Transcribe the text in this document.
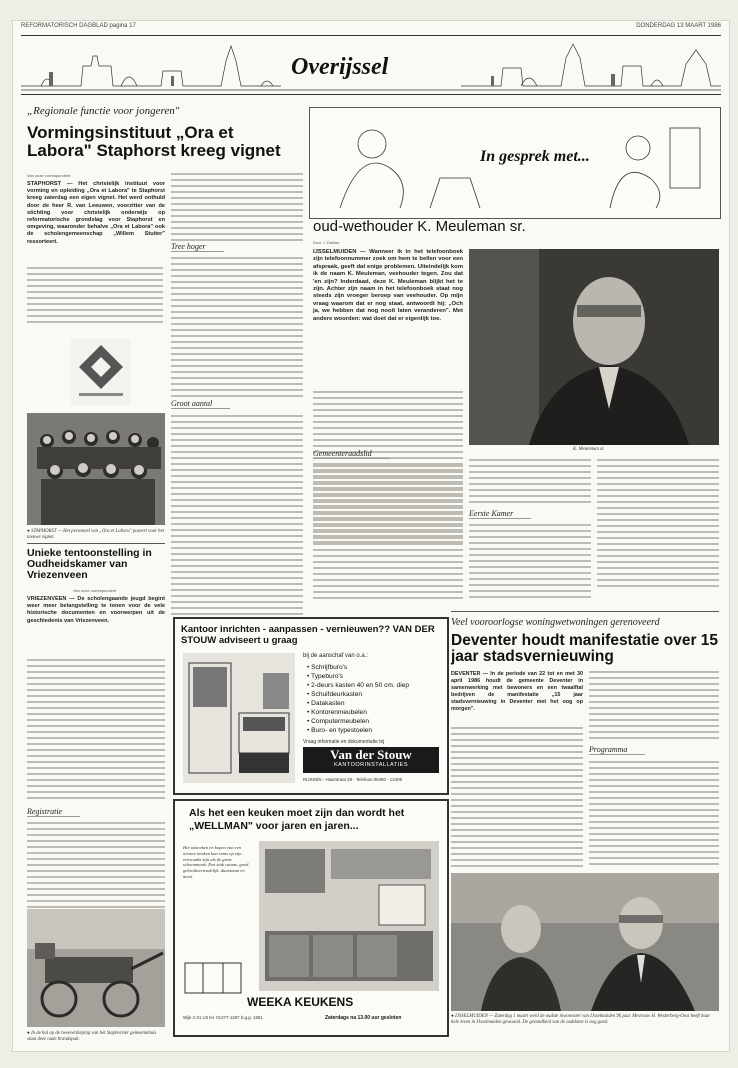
REFORMATORISCH DAGBLAD pagina 17	DONDERDAG 13 MAART 1986
Overijssel
„Regionale functie voor jongeren"
Vormingsinstituut „Ora et Labora" Staphorst kreeg vignet
Van onze correspondent
STAPHORST — Het christelijk instituut voor vorming en opleiding „Ora et Labora" te Staphorst kreeg zaterdag een eigen vignet. Het werd onthuld door de heer R. van Leeuwen, voorzitter van de stichting voor christelijk onderwijs op reformatorische grondslag voor Staphorst en omgeving, waaronder behalve „Ora et Labora" ook de scholengemeenschap „Willem Stuiter" ressorteert.
● STAPHORST — Het personeel van „Ora et Labora" poseert voor het nieuwe vignet.
Tree hoger
Groot aantal
Unieke tentoonstelling in Oudheidskamer van Vriezenveen
Van onze correspondent
VRIEZENVEEN — De scholengaande jeugd begint weer meer belangstelling te tonen voor de vele historische documenten en voorwerpen uit de geschiedenis van Vriezenveen.
Registratie
● In de hal op de tweeverdieping van het Staphorster gemeentehuis staat deze oude brandspuit.
In gesprek met...
oud-wethouder K. Meuleman sr.
Door J. Dekker
IJSSELMUIDEN — Wanneer ik in het telefoonboek zijn telefoonnummer zoek om hem te bellen voor een afspraak, geeft dat enige problemen. Uiteindelijk kom ik de naam K. Meuleman, veehouder tegen. Zou dat 'en zijn? Inderdaad, deze K. Meuleman blijkt het te zijn. Achter zijn naam in het telefoonboek staat nog steeds zijn vroeger beroep van veehouder. Op mijn vraag waarom dat er nog staat, antwoordt hij: „Och ja, we hebben dat nog nooit laten veranderen". Met andere woorden: wat doet dat er eigenlijk toe.
K. Meuleman sr.
Gemeenteraadslid
Eerste Kamer
Veel vooroorlogse woningwetwoningen gerenoveerd
Deventer houdt manifestatie over 15 jaar stadsvernieuwing
DEVENTER — In de periode van 22 tot en met 30 april 1986 houdt de gemeente Deventer in samenwerking met bewoners en een twaalftal bedrijven de manifestatie „15 jaar stadsvernieuwing in Deventer met het oog op morgen".
Programma
● IJSSELMUIDEN — Zaterdag 1 maart werd de oudste inwoonster van IJsselmuiden 96 jaar. Mevrouw H. Westerberg-Oost heeft haar hele leven in IJsselmuiden gewoond. De gezondheid van de ouddame is nog goed.
Kantoor inrichten - aanpassen - vernieuwen?? VAN DER STOUW adviseert u graag
bij de aanschaf van o.a.:
• Schrijfburo's
• Typeburo's
• 2-deurs kasten 40 en 50 cm. diep
• Schuifdeurkasten
• Datakasten
• Kontorenmeubelen
• Computermeubelen
• Buro- en typestoelen
Vraag informatie en dokumentatie bij
Van der Stouw
KANTOORINSTALLATIES
RIJSSEN - Haarstraat 28 - Telefoon 05480 - 12406
Als het een keuken moet zijn dan wordt het „WELLMAN" voor jaren en jaren...
Het uitzoeken en kopen van een nieuwe keuken kan soms op zijn eenvoudst zijn als de grote schoonmaak. Een stuk ruimte, goed, gebruiksvriendelijk, duurzaam en mooi.
WEEKA KEUKENS
Wijk 2-31 Uit tel. 01277-1257 b.g.g. 1661	Zaterdags na 13.00 uur gesloten
